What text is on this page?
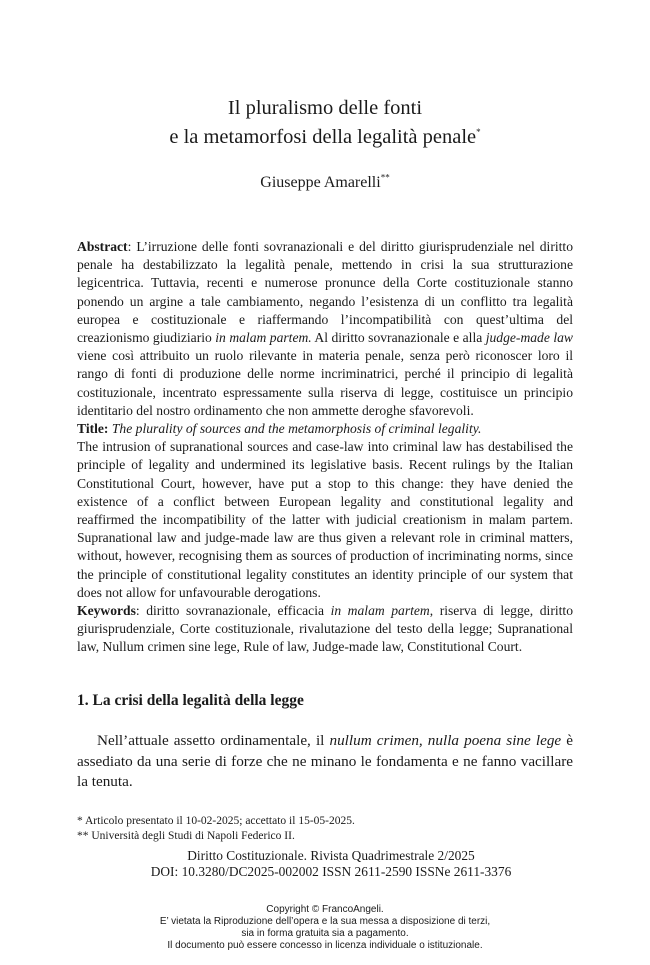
Il pluralismo delle fonti
e la metamorfosi della legalità penale*
Giuseppe Amarelli**
Abstract: L’irruzione delle fonti sovranazionali e del diritto giurisprudenziale nel diritto penale ha destabilizzato la legalità penale, mettendo in crisi la sua strutturazione legicentrica. Tuttavia, recenti e numerose pronunce della Corte costituzionale stanno ponendo un argine a tale cambiamento, negando l’esistenza di un conflitto tra legalità europea e costituzionale e riaffermando l’incompatibilità con quest’ultima del creazionismo giudiziario in malam partem. Al diritto sovranazionale e alla judge-made law viene così attribuito un ruolo rilevante in materia penale, senza però riconoscer loro il rango di fonti di produzione delle norme incriminatrici, perché il principio di legalità costituzionale, incentrato espressamente sulla riserva di legge, costituisce un principio identitario del nostro ordinamento che non ammette deroghe sfavorevoli.
Title: The plurality of sources and the metamorphosis of criminal legality.
The intrusion of supranational sources and case-law into criminal law has destabilised the principle of legality and undermined its legislative basis. Recent rulings by the Italian Constitutional Court, however, have put a stop to this change: they have denied the existence of a conflict between European legality and constitutional legality and reaffirmed the incompatibility of the latter with judicial creationism in malam partem. Supranational law and judge-made law are thus given a relevant role in criminal matters, without, however, recognising them as sources of production of incriminating norms, since the principle of constitutional legality constitutes an identity principle of our system that does not allow for unfavourable derogations.
Keywords: diritto sovranazionale, efficacia in malam partem, riserva di legge, diritto giurisprudenziale, Corte costituzionale, rivalutazione del testo della legge; Supranational law, Nullum crimen sine lege, Rule of law, Judge-made law, Constitutional Court.
1. La crisi della legalità della legge
Nell’attuale assetto ordinamentale, il nullum crimen, nulla poena sine lege è assediato da una serie di forze che ne minano le fondamenta e ne fanno vacillare la tenuta.
* Articolo presentato il 10-02-2025; accettato il 15-05-2025.
** Università degli Studi di Napoli Federico II.
Diritto Costituzionale. Rivista Quadrimestrale 2/2025
DOI: 10.3280/DC2025-002002 ISSN 2611-2590 ISSNe 2611-3376
Copyright © FrancoAngeli.
E’ vietata la Riproduzione dell’opera e la sua messa a disposizione di terzi,
sia in forma gratuita sia a pagamento.
Il documento può essere concesso in licenza individuale o istituzionale.
